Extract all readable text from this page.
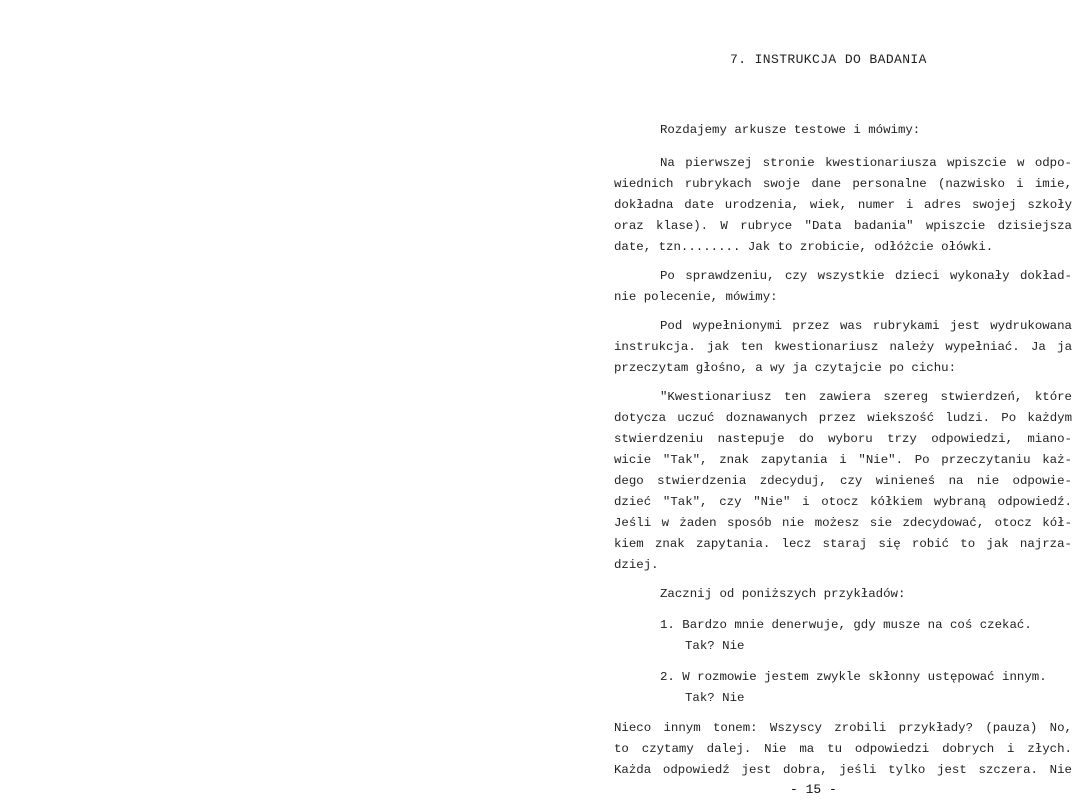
7. INSTRUKCJA DO BADANIA
Rozdajemy arkusze testowe i mówimy:
Na pierwszej stronie kwestionariusza wpiszcie w odpo-
wiednich rubrykach swoje dane personalne (nazwisko i imie,
dokładna date urodzenia, wiek, numer i adres swojej szkoły
oraz klase). W rubryce "Data badania" wpiszcie dzisiejsza
date, tzn........ Jak to zrobicie, odłóżcie ołówki.
Po sprawdzeniu, czy wszystkie dzieci wykonały dokład-
nie polecenie, mówimy:
Pod wypełnionymi przez was rubrykami jest wydrukowana
instrukcja. jak ten kwestionariusz należy wypełniać. Ja ja
przeczytam głośno, a wy ja czytajcie po cichu:
"Kwestionariusz ten zawiera szereg stwierdzeń, które
dotycza uczuć doznawanych przez wiekszość ludzi. Po każdym
stwierdzeniu nastepuje do wyboru trzy odpowiedzi, miano-
wicie "Tak", znak zapytania i "Nie". Po przeczytaniu każ-
dego stwierdzenia zdecyduj, czy winieneś na nie odpowie-
dzieć "Tak", czy "Nie" i otocz kółkiem wybraną odpowiedź.
Jeśli w żaden sposób nie możesz sie zdecydować, otocz kół-
kiem znak zapytania. lecz staraj się robić to jak najrza-
dziej.
Zacznij od poniższych przykładów:
1. Bardzo mnie denerwuje, gdy musze na coś czekać.
Tak? Nie
2. W rozmowie jestem zwykle skłonny ustępować innym.
Tak? Nie
Nieco innym tonem: Wszyscy zrobili przykłady? (pauza) No,
to czytamy dalej. Nie ma tu odpowiedzi dobrych i złych.
Każda odpowiedź jest dobra, jeśli tylko jest szczera. Nie
- 15 -
